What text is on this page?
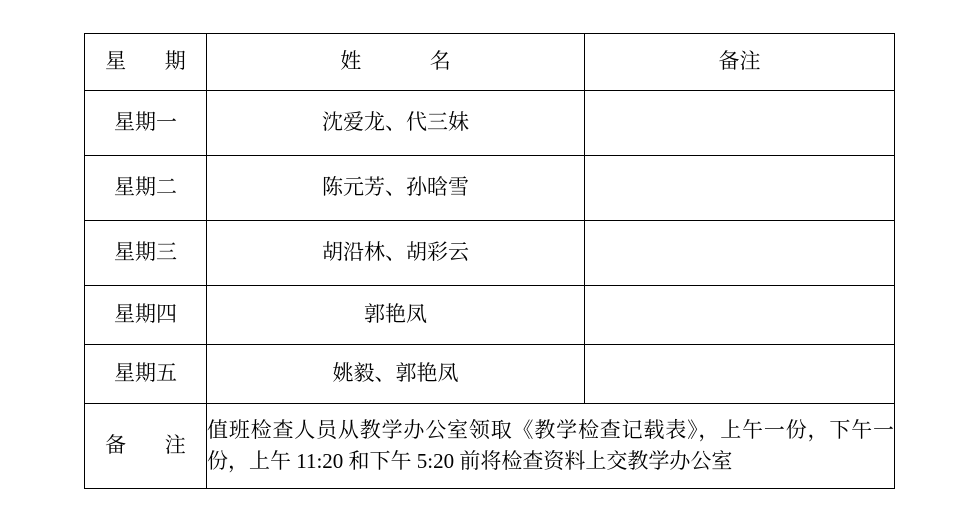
星　期	姓　　名	备注
星期一	沈爱龙、代三妹	
星期二	陈元芳、孙晗雪	
星期三	胡沿林、胡彩云	
星期四	郭艳凤	
星期五	姚毅、郭艳凤	
备　注	值班检查人员从教学办公室领取《教学检查记载表》，上午一份，下午一份，上午 11:20 和下午 5:20 前将检查资料上交教学办公室	
